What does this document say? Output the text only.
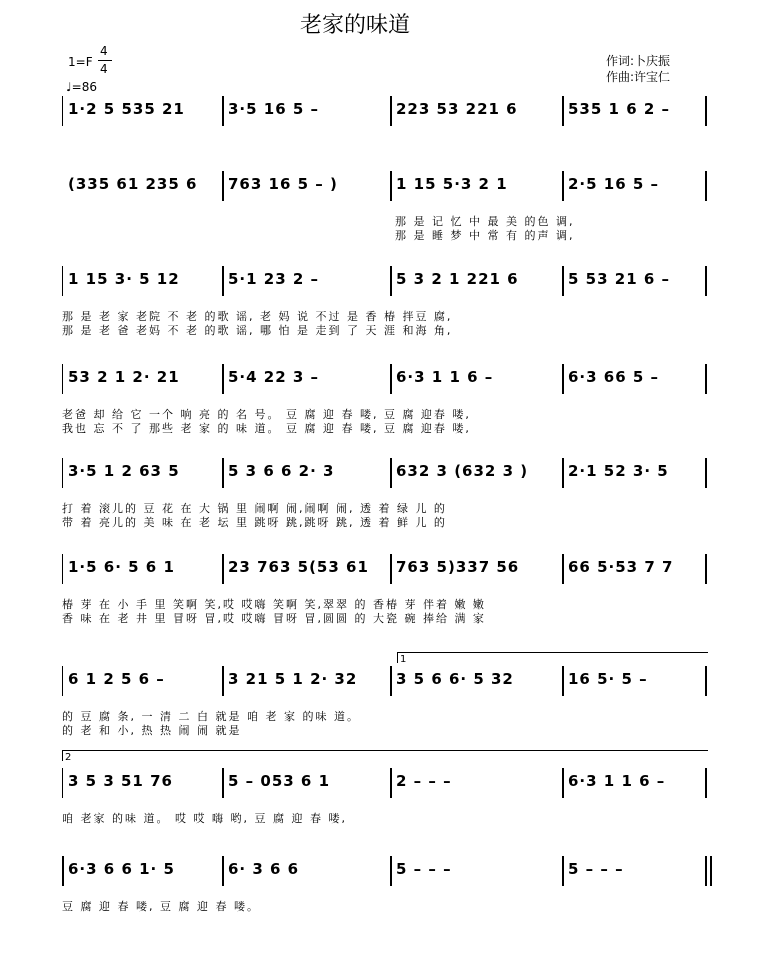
老家的味道
1=F
4
4
♩=86
作词:卜庆振
作曲:许宝仁
1·2 5 535 21	3·5 16 5 –	223 53 221 6	535 1 6 2 –
(335 61 235 6 763 16 5 – )	1 15 5·3 2 1	2·5 16 5 –
那 是 记 忆 中 最 美 的色 调,
那 是 睡 梦 中 常 有 的声 调,
1 15 3· 5 12	5·1 23 2 –	5 3 2 1 221 6	5 53 21 6 –
那 是 老 家 老院 不 老 的歌 谣, 老 妈 说 不过 是 香 椿 拌豆 腐,
那 是 老 爸 老妈 不 老 的歌 谣, 哪 怕 是 走到 了 天 涯 和海 角,
53 2 1 2· 21	5·4 22 3 –	6·3 1 1 6 –	6·3 66 5 –
老爸 却 给 它 一个 响 亮 的 名 号。 豆 腐 迎 春 喽, 豆 腐 迎春 喽,
我也 忘 不 了 那些 老 家 的 味 道。 豆 腐 迎 春 喽, 豆 腐 迎春 喽,
3·5 1 2 63 5	5 3 6 6 2· 3	632 3 (632 3 )	2·1 52 3· 5
打 着 滚儿的 豆 花 在 大 锅 里 闹啊 闹,闹啊 闹, 透 着 绿 儿 的
带 着 亮儿的 美 味 在 老 坛 里 跳呀 跳,跳呀 跳, 透 着 鲜 儿 的
1·5 6· 5 6 1	23 763 5(53 61 763 5)337 56	66 5·53 7 7
椿 芽 在 小 手 里 笑啊 笑,哎 哎嗨 笑啊 笑,翠翠 的 香椿 芽 伴着 嫩 嫩
香 味 在 老 井 里 冒呀 冒,哎 哎嗨 冒呀 冒,圆圆 的 大瓷 碗 捧给 满 家
6 1 2 5 6 –	3 21 5 1 2· 32	3 5 6 6· 5 32	16 5· 5 –
的 豆 腐 条, 一 清 二 白 就是 咱 老 家 的味 道。
的 老 和 小, 热 热 闹 闹 就是
3 5 3 51 76	5 – 053 6 1	2 – – –	6·3 1 1 6 –
咱 老家 的味 道。 哎 哎 嗨 哟, 豆 腐 迎 春 喽,
6·3 6 6 1· 5	6· 3 6 6	5 – – –	5 – – –
豆 腐 迎 春 喽, 豆 腐 迎 春 喽。
1
2
